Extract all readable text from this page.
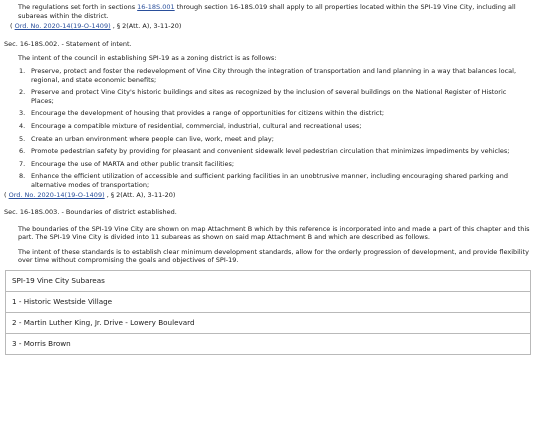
The regulations set forth in sections 16-18S.001 through section 16-18S.019 shall apply to all properties located within the SPI-19 Vine City, including all subareas within the district.

( Ord. No. 2020-14(19-O-1409) , § 2(Att. A), 3-11-20)

Sec. 16-18S.002. - Statement of intent.

The intent of the council in establishing SPI-19 as a zoning district is as follows:

1. Preserve, protect and foster the redevelopment of Vine City through the integration of transportation and land planning in a way that balances local, regional, and state economic benefits;
2. Preserve and protect Vine City's historic buildings and sites as recognized by the inclusion of several buildings on the National Register of Historic Places;
3. Encourage the development of housing that provides a range of opportunities for citizens within the district;
4. Encourage a compatible mixture of residential, commercial, industrial, cultural and recreational uses;
5. Create an urban environment where people can live, work, meet and play;
6. Promote pedestrian safety by providing for pleasant and convenient sidewalk level pedestrian circulation that minimizes impediments by vehicles;
7. Encourage the use of MARTA and other public transit facilities;
8. Enhance the efficient utilization of accessible and sufficient parking facilities in an unobtrusive manner, including encouraging shared parking and alternative modes of transportation;

( Ord. No. 2020-14(19-O-1409) , § 2(Att. A), 3-11-20)

Sec. 16-18S.003. - Boundaries of district established.

The boundaries of the SPI-19 Vine City are shown on map Attachment B which by this reference is incorporated into and made a part of this chapter and this part. The SPI-19 Vine City is divided into 11 subareas as shown on said map Attachment B and which are described as follows.

The intent of these standards is to establish clear minimum development standards, allow for the orderly progression of development, and provide flexibility over time without compromising the goals and objectives of SPI-19.

SPI-19 Vine City Subareas
1 - Historic Westside Village
2 - Martin Luther King, Jr. Drive - Lowery Boulevard
3 - Morris Brown
